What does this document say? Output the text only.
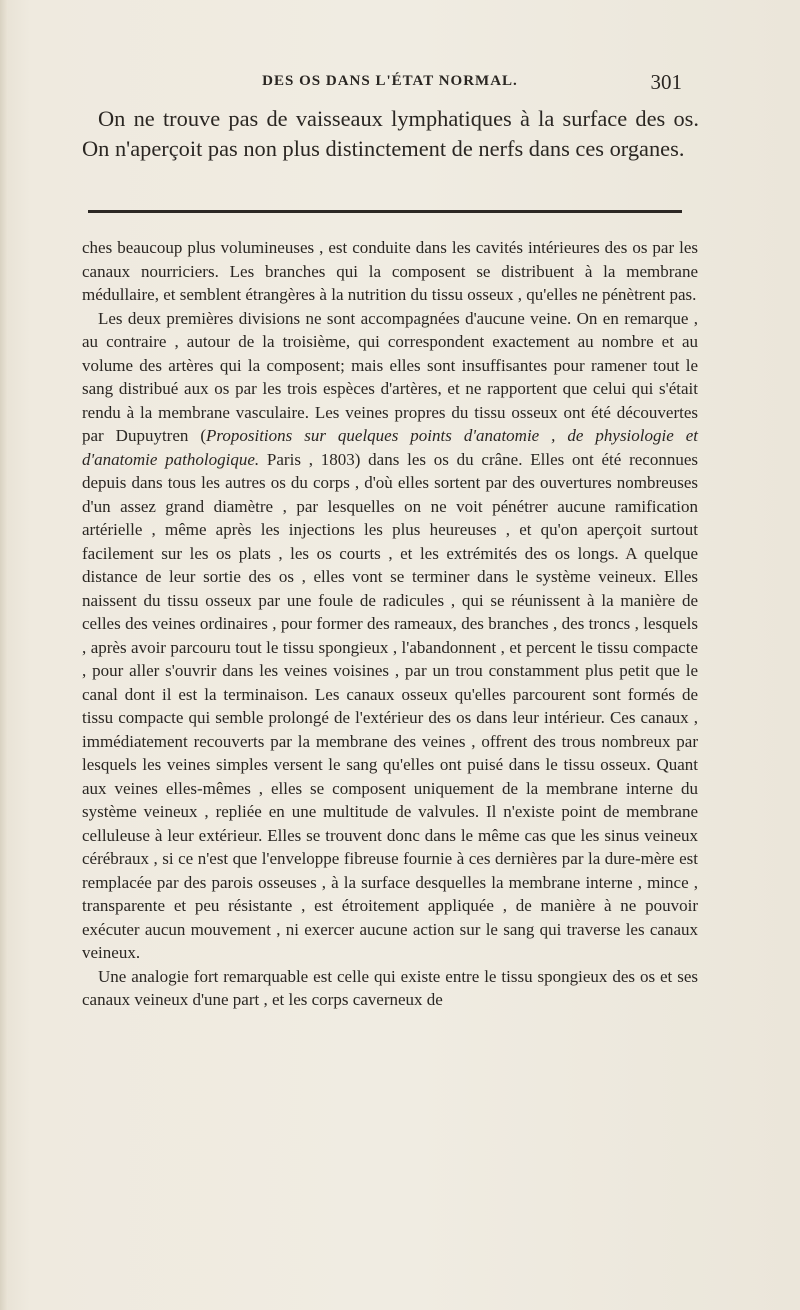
DES OS DANS L'ÉTAT NORMAL.	301

On ne trouve pas de vaisseaux lymphatiques à la surface des os. On n'aperçoit pas non plus distinctement de nerfs dans ces organes.

ches beaucoup plus volumineuses , est conduite dans les cavités intérieures des os par les canaux nourriciers. Les branches qui la composent se distribuent à la membrane médullaire, et semblent étrangères à la nutrition du tissu osseux , qu'elles ne pénètrent pas.

Les deux premières divisions ne sont accompagnées d'aucune veine. On en remarque , au contraire , autour de la troisième, qui correspondent exactement au nombre et au volume des artères qui la composent; mais elles sont insuffisantes pour ramener tout le sang distribué aux os par les trois espèces d'artères, et ne rapportent que celui qui s'était rendu à la membrane vasculaire. Les veines propres du tissu osseux ont été découvertes par Dupuytren (Propositions sur quelques points d'anatomie , de physiologie et d'anatomie pathologique. Paris , 1803) dans les os du crâne. Elles ont été reconnues depuis dans tous les autres os du corps , d'où elles sortent par des ouvertures nombreuses d'un assez grand diamètre , par lesquelles on ne voit pénétrer aucune ramification artérielle , même après les injections les plus heureuses , et qu'on aperçoit surtout facilement sur les os plats , les os courts , et les extrémités des os longs. A quelque distance de leur sortie des os , elles vont se terminer dans le système veineux. Elles naissent du tissu osseux par une foule de radicules , qui se réunissent à la manière de celles des veines ordinaires , pour former des rameaux, des branches , des troncs , lesquels , après avoir parcouru tout le tissu spongieux , l'abandonnent , et percent le tissu compacte , pour aller s'ouvrir dans les veines voisines , par un trou constamment plus petit que le canal dont il est la terminaison. Les canaux osseux qu'elles parcourent sont formés de tissu compacte qui semble prolongé de l'extérieur des os dans leur intérieur. Ces canaux , immédiatement recouverts par la membrane des veines , offrent des trous nombreux par lesquels les veines simples versent le sang qu'elles ont puisé dans le tissu osseux. Quant aux veines elles-mêmes , elles se composent uniquement de la membrane interne du système veineux , repliée en une multitude de valvules. Il n'existe point de membrane celluleuse à leur extérieur. Elles se trouvent donc dans le même cas que les sinus veineux cérébraux , si ce n'est que l'enveloppe fibreuse fournie à ces dernières par la dure-mère est remplacée par des parois osseuses , à la surface desquelles la membrane interne , mince , transparente et peu résistante , est étroitement appliquée , de manière à ne pouvoir exécuter aucun mouvement , ni exercer aucune action sur le sang qui traverse les canaux veineux.

Une analogie fort remarquable est celle qui existe entre le tissu spongieux des os et ses canaux veineux d'une part , et les corps caverneux de
